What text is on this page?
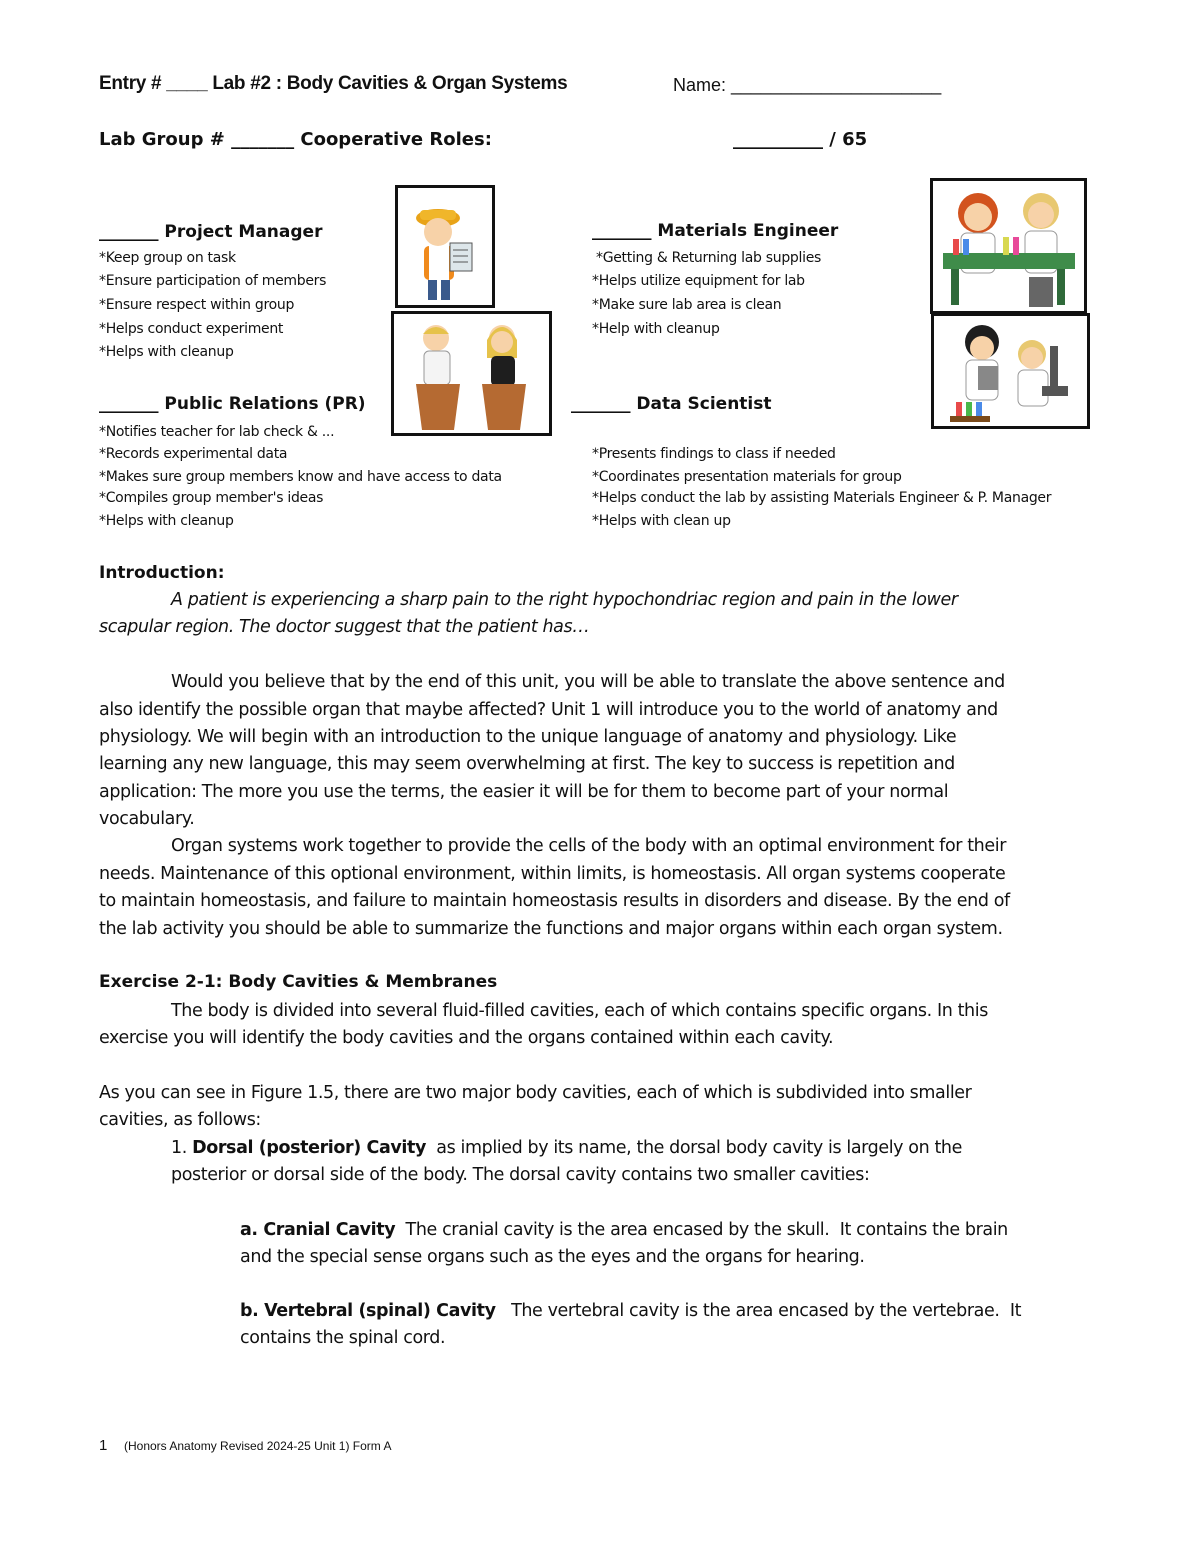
Entry # ____ Lab #2 : Body Cavities & Organ Systems	Name: _____________________
Lab Group # _______ Cooperative Roles:	__________ / 65
_______ Project Manager
*Keep group on task
*Ensure participation of members
*Ensure respect within group
*Helps conduct experiment
*Helps with cleanup
_______ Materials Engineer
*Getting & Returning lab supplies
*Helps utilize equipment for lab
*Make sure lab area is clean
*Help with cleanup
_______ Public Relations (PR)
*Notifies teacher for lab check & ...
*Records experimental data
*Makes sure group members know and have access to data
*Compiles group member's ideas
*Helps with cleanup
_______ Data Scientist
*Presents findings to class if needed
*Coordinates presentation materials for group
*Helps conduct the lab by assisting Materials Engineer & P. Manager
*Helps with clean up
Introduction:
A patient is experiencing a sharp pain to the right hypochondriac region and pain in the lower
scapular region. The doctor suggest that the patient has…
Would you believe that by the end of this unit, you will be able to translate the above sentence and
also identify the possible organ that maybe affected? Unit 1 will introduce you to the world of anatomy and
physiology. We will begin with an introduction to the unique language of anatomy and physiology. Like
learning any new language, this may seem overwhelming at first. The key to success is repetition and
application: The more you use the terms, the easier it will be for them to become part of your normal
vocabulary.
Organ systems work together to provide the cells of the body with an optimal environment for their
needs. Maintenance of this optional environment, within limits, is homeostasis. All organ systems cooperate
to maintain homeostasis, and failure to maintain homeostasis results in disorders and disease. By the end of
the lab activity you should be able to summarize the functions and major organs within each organ system.
Exercise 2-1: Body Cavities & Membranes
The body is divided into several fluid-filled cavities, each of which contains specific organs. In this
exercise you will identify the body cavities and the organs contained within each cavity.
As you can see in Figure 1.5, there are two major body cavities, each of which is subdivided into smaller
cavities, as follows:
1. Dorsal (posterior) Cavity  as implied by its name, the dorsal body cavity is largely on the
posterior or dorsal side of the body. The dorsal cavity contains two smaller cavities:
a. Cranial Cavity  The cranial cavity is the area encased by the skull.  It contains the brain
and the special sense organs such as the eyes and the organs for hearing.
b. Vertebral (spinal) Cavity   The vertebral cavity is the area encased by the vertebrae.  It
contains the spinal cord.
1 (Honors Anatomy Revised 2024-25 Unit 1) Form A
